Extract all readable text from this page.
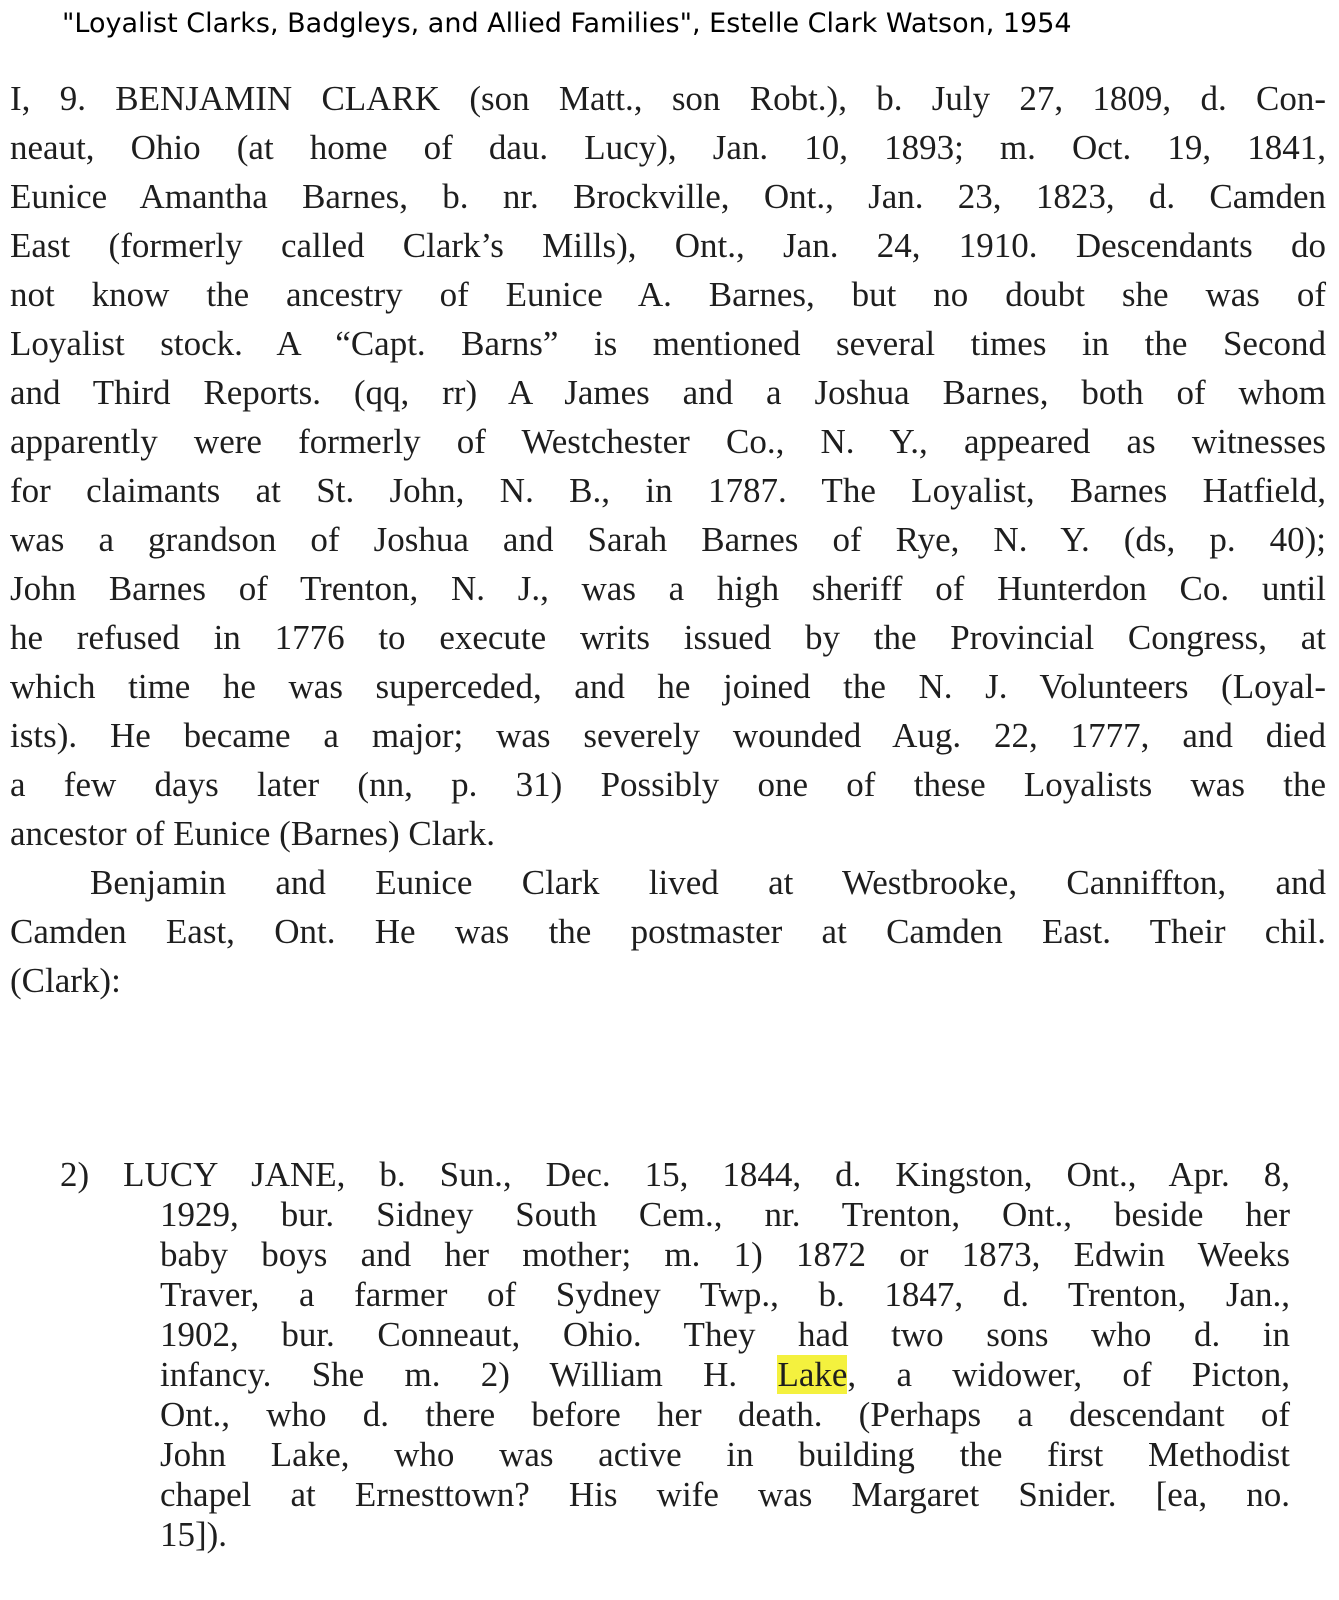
"Loyalist Clarks, Badgleys, and Allied Families", Estelle Clark Watson, 1954
I, 9. BENJAMIN CLARK (son Matt., son Robt.), b. July 27, 1809, d. Con-
neaut, Ohio (at home of dau. Lucy), Jan. 10, 1893; m. Oct. 19, 1841,
Eunice Amantha Barnes, b. nr. Brockville, Ont., Jan. 23, 1823, d. Camden
East (formerly called Clark’s Mills), Ont., Jan. 24, 1910. Descendants do
not know the ancestry of Eunice A. Barnes, but no doubt she was of
Loyalist stock. A “Capt. Barns” is mentioned several times in the Second
and Third Reports. (qq, rr) A James and a Joshua Barnes, both of whom
apparently were formerly of Westchester Co., N. Y., appeared as witnesses
for claimants at St. John, N. B., in 1787. The Loyalist, Barnes Hatfield,
was a grandson of Joshua and Sarah Barnes of Rye, N. Y. (ds, p. 40);
John Barnes of Trenton, N. J., was a high sheriff of Hunterdon Co. until
he refused in 1776 to execute writs issued by the Provincial Congress, at
which time he was superceded, and he joined the N. J. Volunteers (Loyal-
ists). He became a major; was severely wounded Aug. 22, 1777, and died
a few days later (nn, p. 31) Possibly one of these Loyalists was the
ancestor of Eunice (Barnes) Clark.
Benjamin and Eunice Clark lived at Westbrooke, Canniffton, and
Camden East, Ont. He was the postmaster at Camden East. Their chil.
(Clark):
2) LUCY JANE, b. Sun., Dec. 15, 1844, d. Kingston, Ont., Apr. 8,
1929, bur. Sidney South Cem., nr. Trenton, Ont., beside her
baby boys and her mother; m. 1) 1872 or 1873, Edwin Weeks
Traver, a farmer of Sydney Twp., b. 1847, d. Trenton, Jan.,
1902, bur. Conneaut, Ohio. They had two sons who d. in
infancy. She m. 2) William H. Lake, a widower, of Picton,
Ont., who d. there before her death. (Perhaps a descendant of
John Lake, who was active in building the first Methodist
chapel at Ernesttown? His wife was Margaret Snider. [ea, no.
15]).
